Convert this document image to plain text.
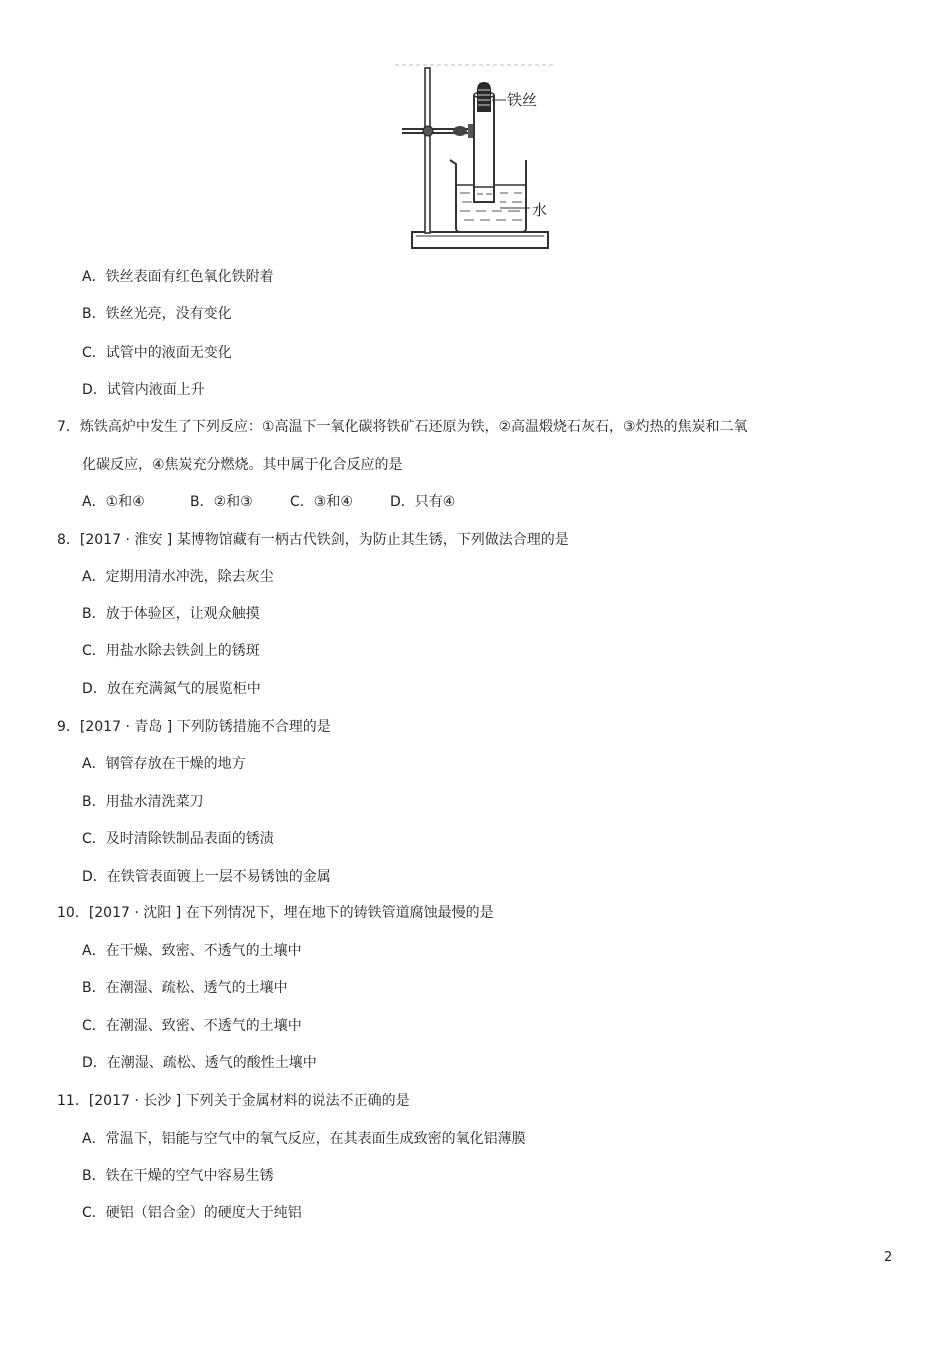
铁丝
水
A．铁丝表面有红色氧化铁附着
B．铁丝光亮，没有变化
C．试管中的液面无变化
D．试管内液面上升
7．炼铁高炉中发生了下列反应：①高温下一氧化碳将铁矿石还原为铁，②高温煅烧石灰石，③灼热的焦炭和二氧
化碳反应，④焦炭充分燃烧。其中属于化合反应的是
A．①和④	B．②和③	C．③和④	D．只有④
8．[2017 · 淮安 ] 某博物馆藏有一柄古代铁剑，为防止其生锈，下列做法合理的是
A．定期用清水冲洗，除去灰尘
B．放于体验区，让观众触摸
C．用盐水除去铁剑上的锈斑
D．放在充满氮气的展览柜中
9．[2017 · 青岛 ] 下列防锈措施不合理的是
A．钢管存放在干燥的地方
B．用盐水清洗菜刀
C．及时清除铁制品表面的锈渍
D．在铁管表面镀上一层不易锈蚀的金属
10．[2017 · 沈阳 ] 在下列情况下，埋在地下的铸铁管道腐蚀最慢的是
A．在干燥、致密、不透气的土壤中
B．在潮湿、疏松、透气的土壤中
C．在潮湿、致密、不透气的土壤中
D．在潮湿、疏松、透气的酸性土壤中
11．[2017 · 长沙 ] 下列关于金属材料的说法不正确的是
A．常温下，铝能与空气中的氧气反应，在其表面生成致密的氧化铝薄膜
B．铁在干燥的空气中容易生锈
C．硬铝（铝合金）的硬度大于纯铝
2
